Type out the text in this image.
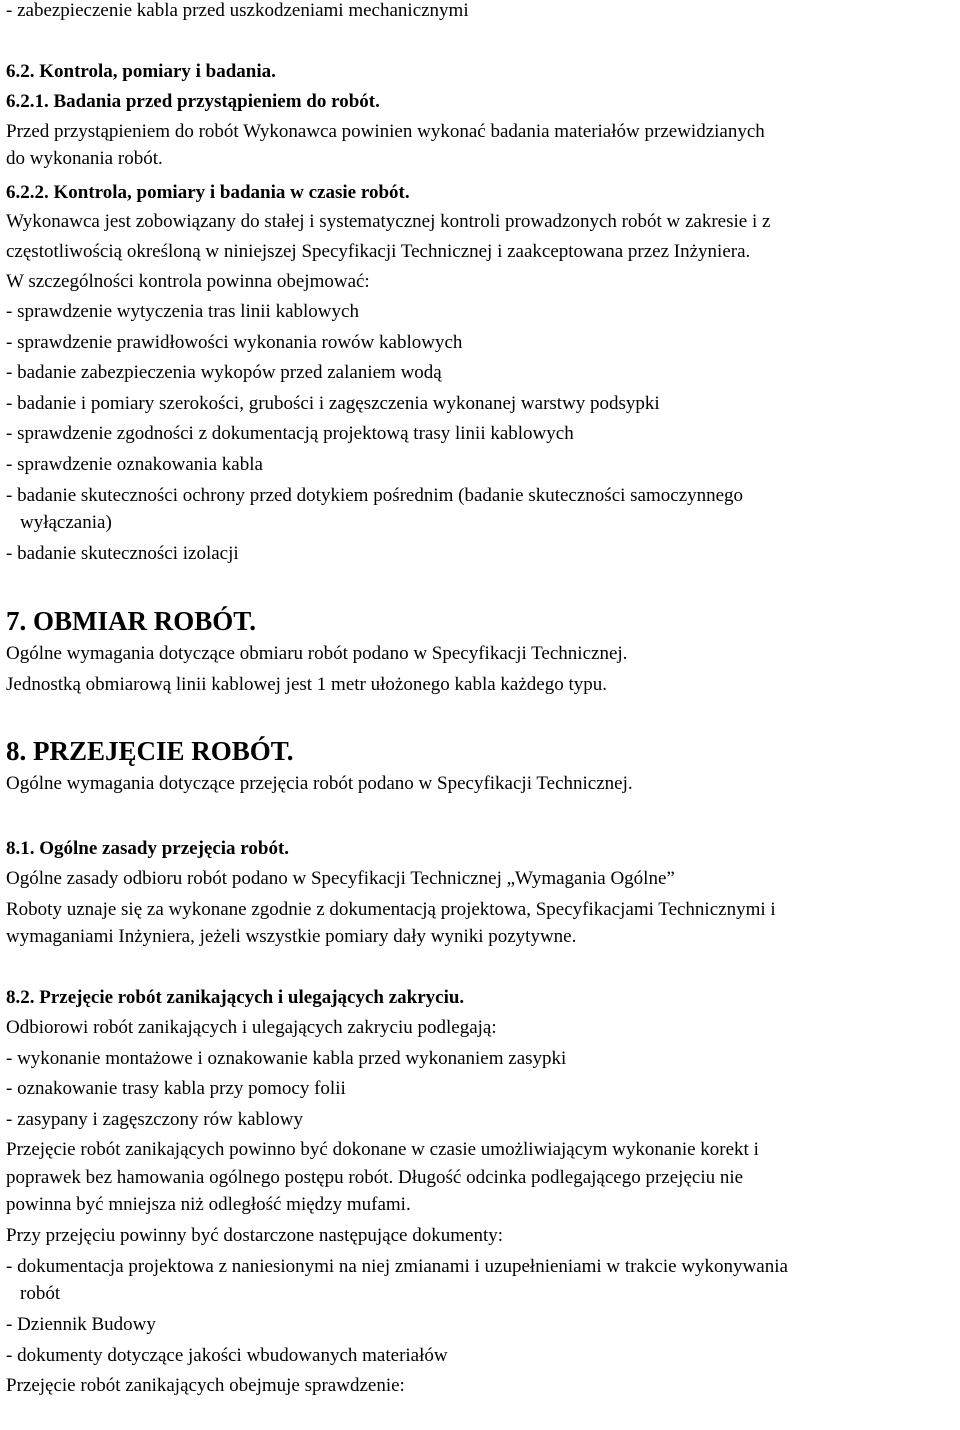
- zabezpieczenie kabla przed uszkodzeniami mechanicznymi
6.2. Kontrola, pomiary i badania.
6.2.1. Badania przed przystąpieniem do robót.
Przed przystąpieniem do robót Wykonawca powinien wykonać badania materiałów przewidzianych
do wykonania robót.
6.2.2. Kontrola, pomiary i badania w czasie robót.
Wykonawca jest zobowiązany do stałej i systematycznej kontroli prowadzonych robót w zakresie i z
częstotliwością określoną w niniejszej Specyfikacji Technicznej i zaakceptowana przez Inżyniera.
W szczególności kontrola powinna obejmować:
- sprawdzenie wytyczenia tras linii kablowych
- sprawdzenie prawidłowości wykonania rowów kablowych
- badanie zabezpieczenia wykopów przed zalaniem wodą
- badanie i pomiary szerokości, grubości i zagęszczenia wykonanej warstwy podsypki
- sprawdzenie zgodności z dokumentacją projektową trasy linii kablowych
- sprawdzenie oznakowania kabla
- badanie skuteczności ochrony przed dotykiem pośrednim (badanie skuteczności samoczynnego
wyłączania)
- badanie skuteczności izolacji
7. OBMIAR ROBÓT.
Ogólne wymagania dotyczące obmiaru robót podano w Specyfikacji Technicznej.
Jednostką obmiarową linii kablowej jest 1 metr ułożonego kabla każdego typu.
8. PRZEJĘCIE ROBÓT.
Ogólne wymagania dotyczące przejęcia robót podano w Specyfikacji Technicznej.
8.1. Ogólne zasady przejęcia robót.
Ogólne zasady odbioru robót podano w Specyfikacji Technicznej „Wymagania Ogólne”
Roboty uznaje się za wykonane zgodnie z dokumentacją projektowa, Specyfikacjami Technicznymi i
wymaganiami Inżyniera, jeżeli wszystkie pomiary dały wyniki pozytywne.
8.2. Przejęcie robót zanikających i ulegających zakryciu.
Odbiorowi robót zanikających i ulegających zakryciu podlegają:
- wykonanie montażowe i oznakowanie kabla przed wykonaniem zasypki
- oznakowanie trasy kabla przy pomocy folii
- zasypany i zagęszczony rów kablowy
Przejęcie robót zanikających powinno być dokonane w czasie umożliwiającym wykonanie korekt i
poprawek bez hamowania ogólnego postępu robót. Długość odcinka podlegającego przejęciu nie
powinna być mniejsza niż odległość między mufami.
Przy przejęciu powinny być dostarczone następujące dokumenty:
- dokumentacja projektowa z naniesionymi na niej zmianami i uzupełnieniami w trakcie wykonywania
robót
- Dziennik Budowy
- dokumenty dotyczące jakości wbudowanych materiałów
Przejęcie robót zanikających obejmuje sprawdzenie:
